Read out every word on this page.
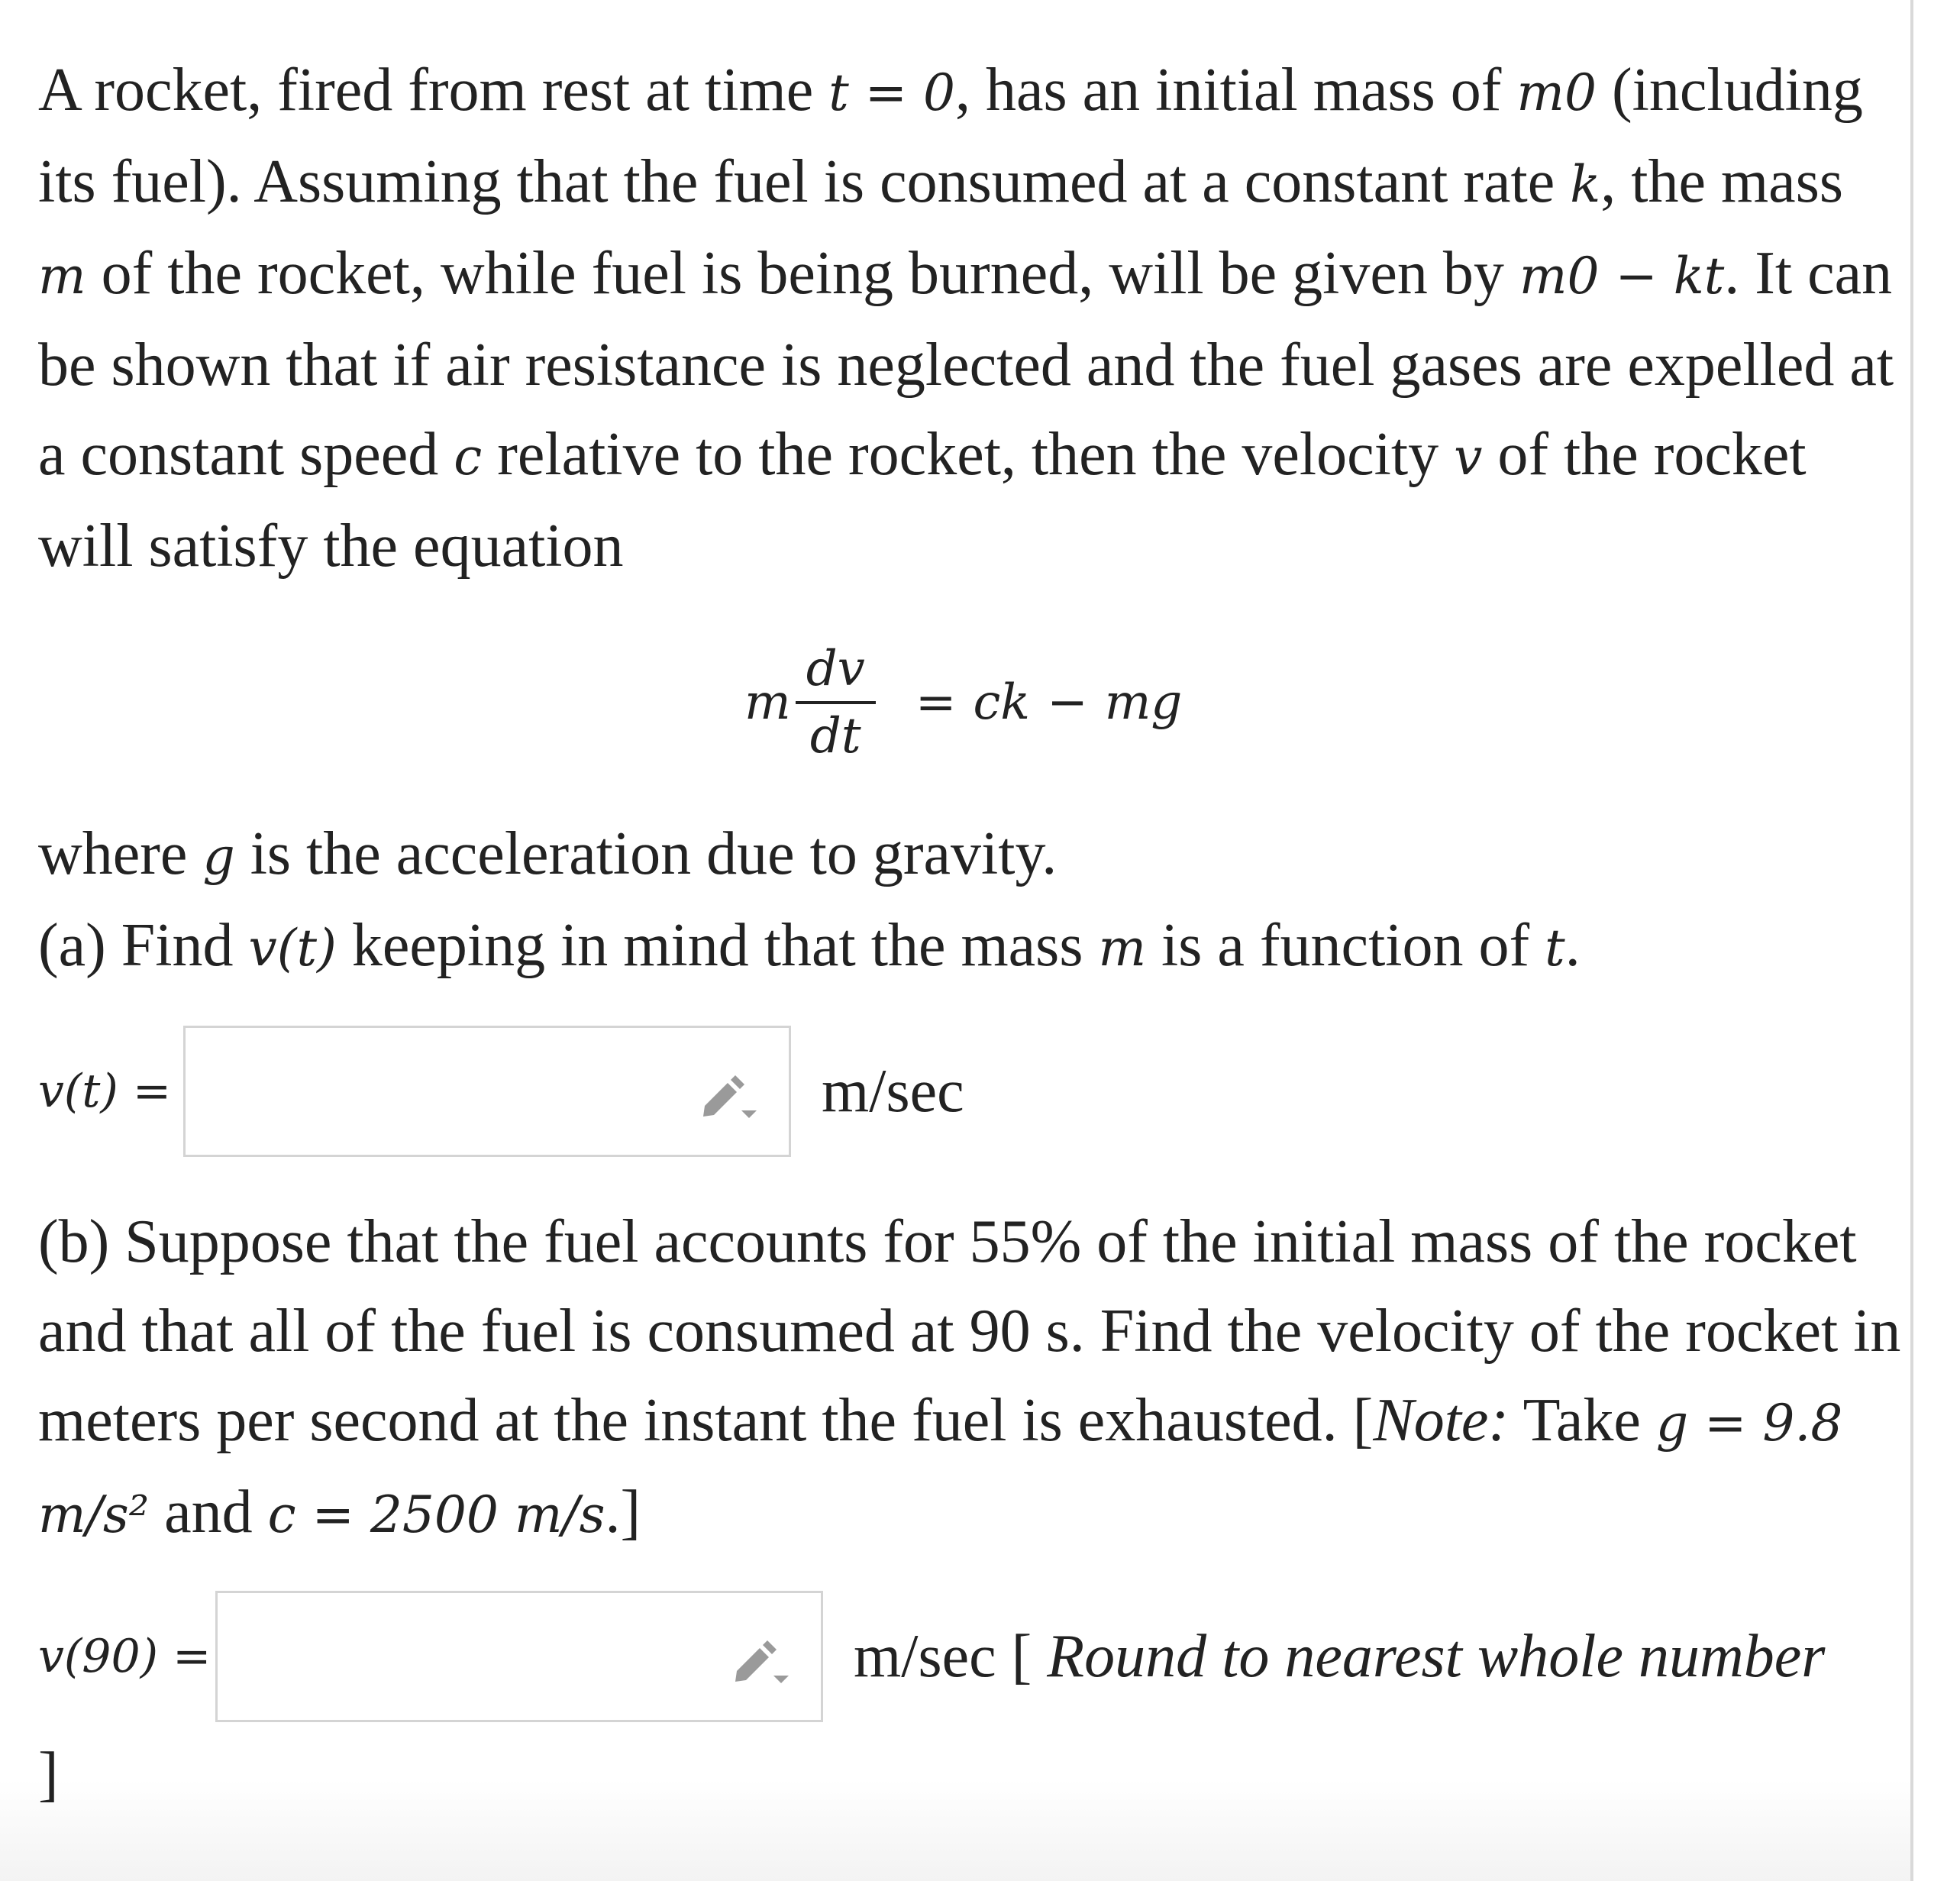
A rocket, fired from rest at time t = 0, has an initial mass of m0 (including its fuel). Assuming that the fuel is consumed at a constant rate k, the mass m of the rocket, while fuel is being burned, will be given by m0 − kt. It can be shown that if air resistance is neglected and the fuel gases are expelled at a constant speed c relative to the rocket, then the velocity v of the rocket will satisfy the equation

m $\frac{dv}{dt}$ = ck − mg

where g is the acceleration due to gravity.

(a) Find v(t) keeping in mind that the mass m is a function of t.

v(t) =	m/sec

(b) Suppose that the fuel accounts for 55% of the initial mass of the rocket and that all of the fuel is consumed at 90 s. Find the velocity of the rocket in meters per second at the instant the fuel is exhausted. [Note: Take g = 9.8 m/s² and c = 2500 m/s.]

v(90) =	m/sec [ Round to nearest whole number
]
